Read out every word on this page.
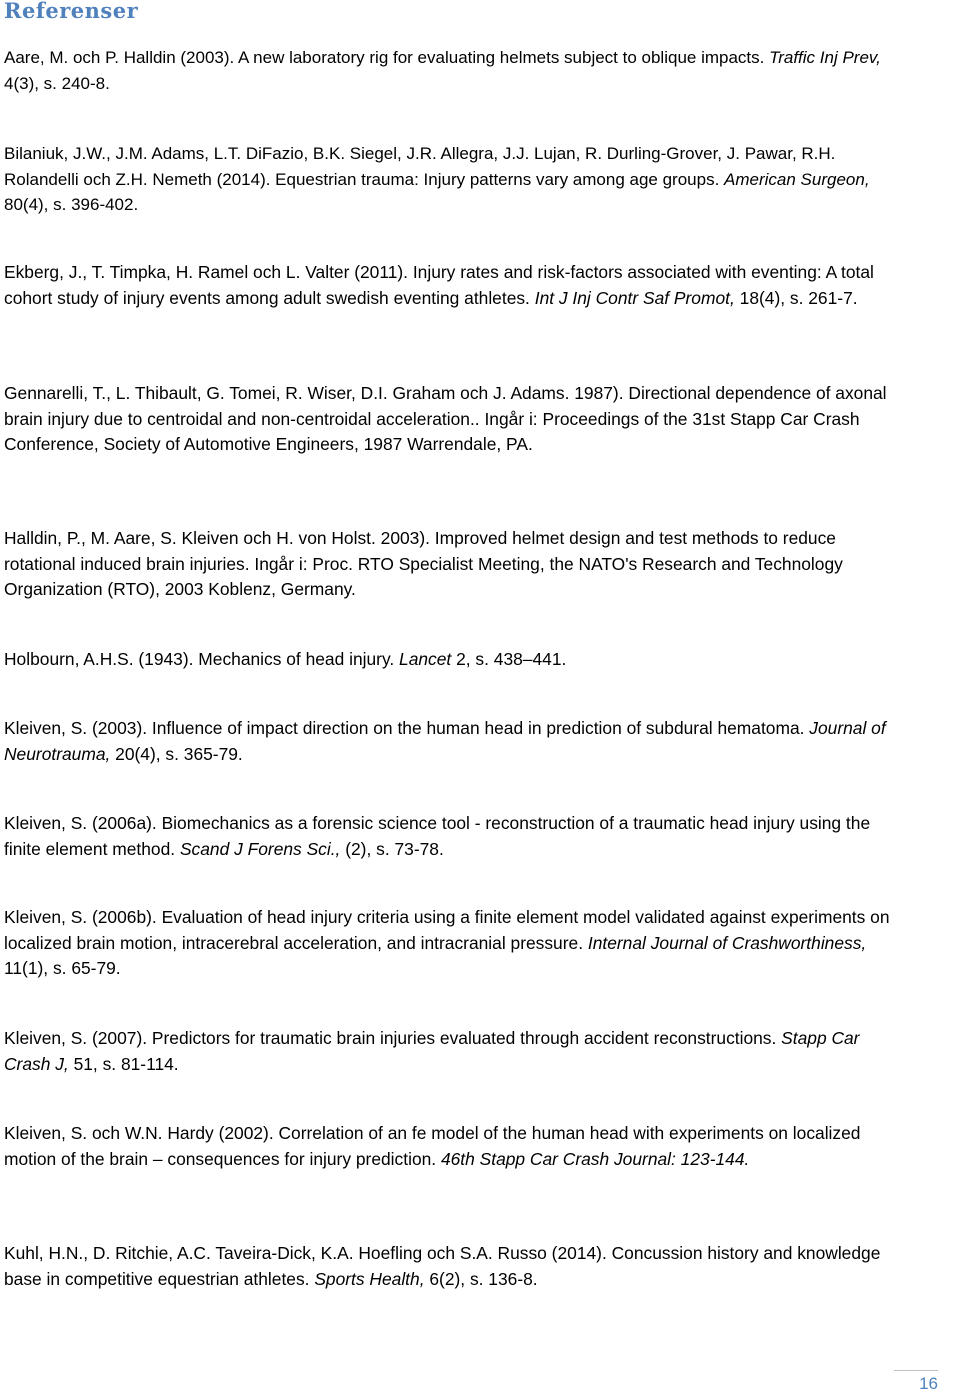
Referenser

Aare, M. och P. Halldin (2003). A new laboratory rig for evaluating helmets subject to oblique impacts. Traffic Inj Prev, 4(3), s. 240-8.

Bilaniuk, J.W., J.M. Adams, L.T. DiFazio, B.K. Siegel, J.R. Allegra, J.J. Lujan, R. Durling-Grover, J. Pawar, R.H. Rolandelli och Z.H. Nemeth (2014). Equestrian trauma: Injury patterns vary among age groups. American Surgeon, 80(4), s. 396-402.

Ekberg, J., T. Timpka, H. Ramel och L. Valter (2011). Injury rates and risk-factors associated with eventing: A total cohort study of injury events among adult swedish eventing athletes. Int J Inj Contr Saf Promot, 18(4), s. 261-7.

Gennarelli, T., L. Thibault, G. Tomei, R. Wiser, D.I. Graham och J. Adams. 1987). Directional dependence of axonal brain injury due to centroidal and non-centroidal acceleration.. Ingår i: Proceedings of the 31st Stapp Car Crash Conference, Society of Automotive Engineers, 1987 Warrendale, PA.

Halldin, P., M. Aare, S. Kleiven och H. von Holst. 2003). Improved helmet design and test methods to reduce rotational induced brain injuries. Ingår i: Proc. RTO Specialist Meeting, the NATO's Research and Technology Organization (RTO), 2003 Koblenz, Germany.

Holbourn, A.H.S. (1943). Mechanics of head injury. Lancet 2, s. 438–441.

Kleiven, S. (2003). Influence of impact direction on the human head in prediction of subdural hematoma. Journal of Neurotrauma, 20(4), s. 365-79.

Kleiven, S. (2006a). Biomechanics as a forensic science tool - reconstruction of a traumatic head injury using the finite element method. Scand J Forens Sci., (2), s. 73-78.

Kleiven, S. (2006b). Evaluation of head injury criteria using a finite element model validated against experiments on localized brain motion, intracerebral acceleration, and intracranial pressure. Internal Journal of Crashworthiness, 11(1), s. 65-79.

Kleiven, S. (2007). Predictors for traumatic brain injuries evaluated through accident reconstructions. Stapp Car Crash J, 51, s. 81-114.

Kleiven, S. och W.N. Hardy (2002). Correlation of an fe model of the human head with experiments on localized motion of the brain – consequences for injury prediction. 46th Stapp Car Crash Journal: 123-144.

Kuhl, H.N., D. Ritchie, A.C. Taveira-Dick, K.A. Hoefling och S.A. Russo (2014). Concussion history and knowledge base in competitive equestrian athletes. Sports Health, 6(2), s. 136-8.

16
